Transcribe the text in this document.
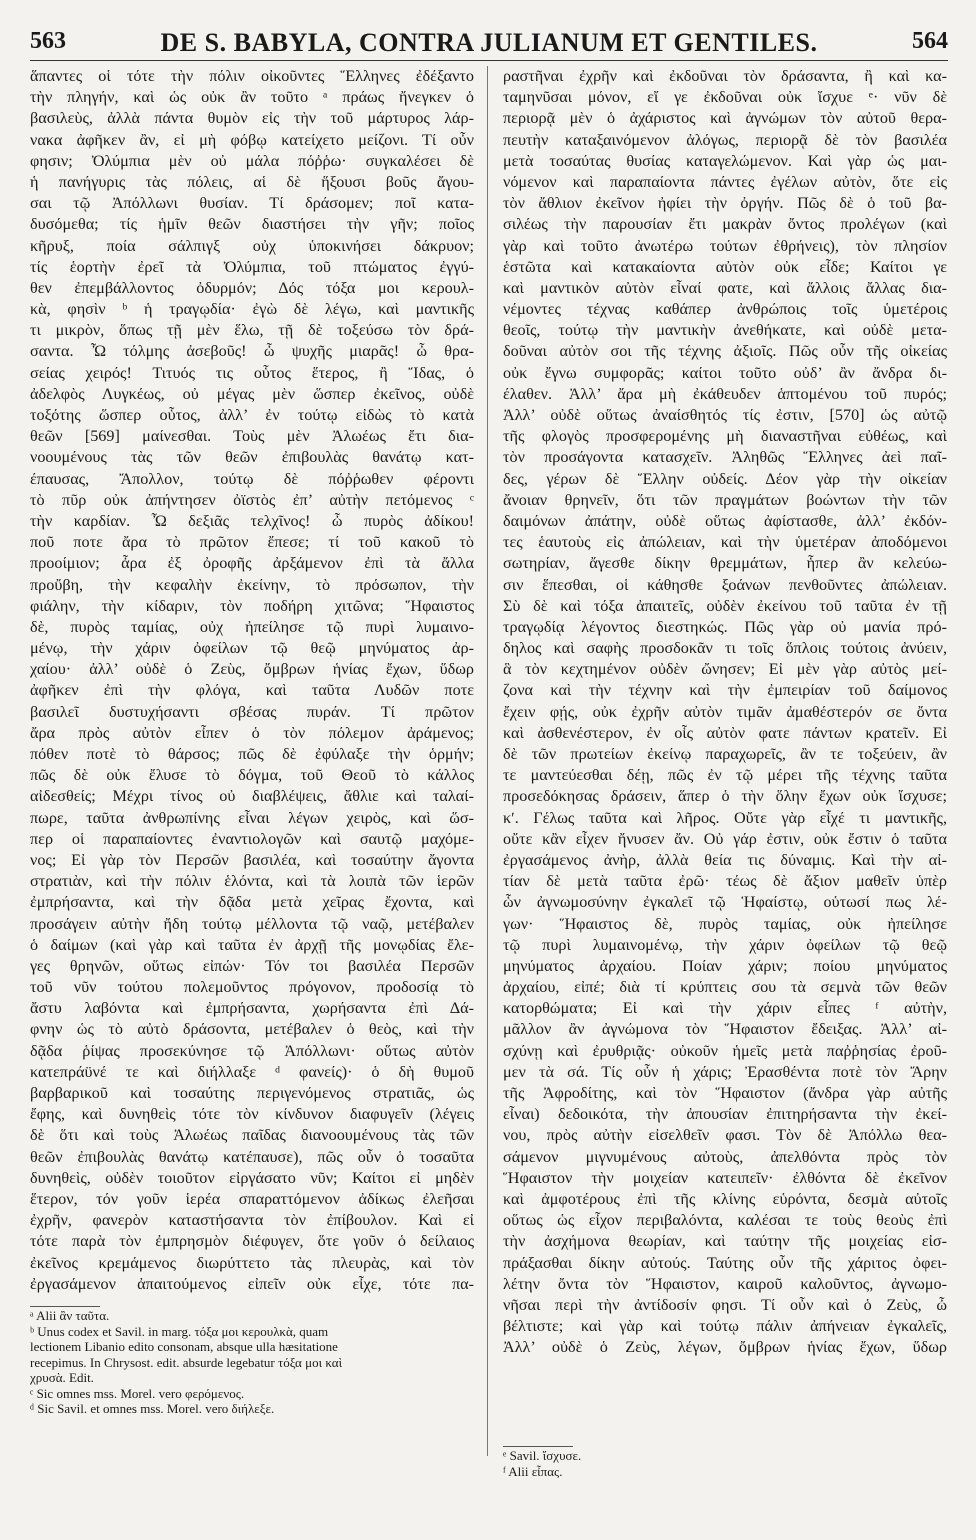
563	DE S. BABYLA, CONTRA JULIANUM ET GENTILES.	564
ἅπαντες οἱ τότε τὴν πόλιν οἰκοῦντες Ἕλληνες ἐδέξαντο
τὴν πληγήν, καὶ ὡς οὐκ ἂν τοῦτο ᵃ πράως ἤνεγκεν ὁ
βασιλεὺς, ἀλλὰ πάντα θυμὸν εἰς τὴν τοῦ μάρτυρος λάρ-
νακα ἀφῆκεν ἂν, εἰ μὴ φόβῳ κατείχετο μείζονι. Τί οὖν
φησιν; Ὀλύμπια μὲν οὐ μάλα πόῤῥω· συγκαλέσει δὲ
ἡ πανήγυρις τὰς πόλεις, αἱ δὲ ἥξουσι βοῦς ἄγου-
σαι τῷ Ἀπόλλωνι θυσίαν. Τί δράσομεν; ποῖ κατα-
δυσόμεθα; τίς ἡμῖν θεῶν διαστήσει τὴν γῆν; ποῖος
κῆρυξ, ποία σάλπιγξ οὐχ ὑποκινήσει δάκρυον;
τίς ἑορτὴν ἐρεῖ τὰ Ὀλύμπια, τοῦ πτώματος ἐγγύ-
θεν ἐπεμβάλλοντος ὀδυρμόν; Δός τόξα μοι κερουλ-
κὰ, φησὶν ᵇ ἡ τραγῳδία· ἐγὼ δὲ λέγω, καὶ μαντικῆς
τι μικρὸν, ὅπως τῇ μὲν ἕλω, τῇ δὲ τοξεύσω τὸν δρά-
σαντα. Ὦ τόλμης ἀσεβοῦς! ὦ ψυχῆς μιαρᾶς! ὦ θρα-
σείας χειρός! Τιτυός τις οὗτος ἕτερος, ἢ Ἴδας, ὁ
ἀδελφὸς Λυγκέως, οὐ μέγας μὲν ὥσπερ ἐκεῖνος, οὐδὲ
τοξότης ὥσπερ οὗτος, ἀλλ’ ἐν τούτῳ εἰδὼς τὸ κατὰ
θεῶν [569] μαίνεσθαι. Τοὺς μὲν Ἀλωέως ἔτι δια-
νοουμένους τὰς τῶν θεῶν ἐπιβουλὰς θανάτῳ κατ-
έπαυσας, Ἄπολλον, τούτῳ δὲ πόῤῥωθεν φέροντι
τὸ πῦρ οὐκ ἀπήντησεν ὀϊστὸς ἐπ’ αὐτὴν πετόμενος ᶜ
τὴν καρδίαν. Ὦ δεξιᾶς τελχῖνος! ὦ πυρὸς ἀδίκου!
ποῦ ποτε ἄρα τὸ πρῶτον ἔπεσε; τί τοῦ κακοῦ τὸ
προοίμιον; ἆρα ἐξ ὀροφῆς ἀρξάμενον ἐπὶ τὰ ἄλλα
προὔβη, τὴν κεφαλὴν ἐκείνην, τὸ πρόσωπον, τὴν
φιάλην, τὴν κίδαριν, τὸν ποδήρη χιτῶνα; Ἥφαιστος
δὲ, πυρὸς ταμίας, οὐχ ἠπείλησε τῷ πυρὶ λυμαινο-
μένῳ, τὴν χάριν ὀφείλων τῷ θεῷ μηνύματος ἀρ-
χαίου· ἀλλ’ οὐδὲ ὁ Ζεὺς, ὄμβρων ἡνίας ἔχων, ὕδωρ
ἀφῆκεν ἐπὶ τὴν φλόγα, καὶ ταῦτα Λυδῶν ποτε
βασιλεῖ δυστυχήσαντι σβέσας πυράν. Τί πρῶτον
ἄρα πρὸς αὐτὸν εἶπεν ὁ τὸν πόλεμον ἀράμενος;
πόθεν ποτὲ τὸ θάρσος; πῶς δὲ ἐφύλαξε τὴν ὁρμήν;
πῶς δὲ οὐκ ἔλυσε τὸ δόγμα, τοῦ Θεοῦ τὸ κάλλος
αἰδεσθείς; Μέχρι τίνος οὐ διαβλέψεις, ἄθλιε καὶ ταλαί-
πωρε, ταῦτα ἀνθρωπίνης εἶναι λέγων χειρὸς, καὶ ὥσ-
περ οἱ παραπαίοντες ἐναντιολογῶν καὶ σαυτῷ μαχόμε-
νος; Εἰ γὰρ τὸν Περσῶν βασιλέα, καὶ τοσαύτην ἄγοντα
στρατιὰν, καὶ τὴν πόλιν ἑλόντα, καὶ τὰ λοιπὰ τῶν ἱερῶν
ἐμπρήσαντα, καὶ τὴν δᾷδα μετὰ χεῖρας ἔχοντα, καὶ
προσάγειν αὐτὴν ἤδη τούτῳ μέλλοντα τῷ ναῷ, μετέβαλεν
ὁ δαίμων (καὶ γὰρ καὶ ταῦτα ἐν ἀρχῇ τῆς μονῳδίας ἔλε-
γες θρηνῶν, οὕτως εἰπών· Τόν τοι βασιλέα Περσῶν
τοῦ νῦν τούτου πολεμοῦντος πρόγονον, προδοσίᾳ τὸ
ἄστυ λαβόντα καὶ ἐμπρήσαντα, χωρήσαντα ἐπὶ Δά-
φνην ὡς τὸ αὐτὸ δράσοντα, μετέβαλεν ὁ θεὸς, καὶ τὴν
δᾷδα ῥίψας προσεκύνησε τῷ Ἀπόλλωνι· οὕτως αὐτὸν
κατεπράϋνέ τε καὶ διήλλαξε ᵈ φανείς)· ὁ δὴ θυμοῦ
βαρβαρικοῦ καὶ τοσαύτης περιγενόμενος στρατιᾶς, ὡς
ἔφης, καὶ δυνηθεὶς τότε τὸν κίνδυνον διαφυγεῖν (λέγεις
δὲ ὅτι καὶ τοὺς Ἀλωέως παῖδας διανοουμένους τὰς τῶν
θεῶν ἐπιβουλὰς θανάτῳ κατέπαυσε), πῶς οὖν ὁ τοσαῦτα
δυνηθεὶς, οὐδὲν τοιοῦτον εἰργάσατο νῦν; Καίτοι εἰ μηδὲν
ἕτερον, τόν γοῦν ἱερέα σπαραττόμενον ἀδίκως ἐλεῆσαι
ἐχρῆν, φανερὸν καταστήσαντα τὸν ἐπίβουλον. Καὶ εἰ
τότε παρὰ τὸν ἐμπρησμὸν διέφυγεν, ὅτε γοῦν ὁ δείλαιος
ἐκεῖνος κρεμάμενος διωρύττετο τὰς πλευρὰς, καὶ τὸν
ἐργασάμενον ἀπαιτούμενος εἰπεῖν οὐκ εἶχε, τότε πα-
ραστῆναι ἐχρῆν καὶ ἐκδοῦναι τὸν δράσαντα, ἢ καὶ κα-
ταμηνῦσαι μόνον, εἴ γε ἐκδοῦναι οὐκ ἴσχυε ᵉ· νῦν δὲ
περιορᾷ μὲν ὁ ἀχάριστος καὶ ἀγνώμων τὸν αὐτοῦ θερα-
πευτὴν καταξαινόμενον ἀλόγως, περιορᾷ δὲ τὸν βασιλέα
μετὰ τοσαύτας θυσίας καταγελώμενον. Καὶ γὰρ ὡς μαι-
νόμενον καὶ παραπαίοντα πάντες ἐγέλων αὐτὸν, ὅτε εἰς
τὸν ἄθλιον ἐκεῖνον ἠφίει τὴν ὀργήν. Πῶς δὲ ὁ τοῦ βα-
σιλέως τὴν παρουσίαν ἔτι μακρὰν ὄντος προλέγων (καὶ
γὰρ καὶ τοῦτο ἀνωτέρω τούτων ἐθρήνεις), τὸν πλησίον
ἑστῶτα καὶ κατακαίοντα αὐτὸν οὐκ εἶδε; Καίτοι γε
καὶ μαντικὸν αὐτὸν εἶναί φατε, καὶ ἄλλοις ἄλλας δια-
νέμοντες τέχνας καθάπερ ἀνθρώποις τοῖς ὑμετέροις
θεοῖς, τούτῳ τὴν μαντικὴν ἀνεθήκατε, καὶ οὐδὲ μετα-
δοῦναι αὐτὸν σοι τῆς τέχνης ἀξιοῖς. Πῶς οὖν τῆς οἰκείας
οὐκ ἔγνω συμφορᾶς; καίτοι τοῦτο οὐδ’ ἂν ἄνδρα δι-
έλαθεν. Ἀλλ’ ἄρα μὴ ἐκάθευδεν ἁπτομένου τοῦ πυρός;
Ἀλλ’ οὐδὲ οὕτως ἀναίσθητός τίς ἐστιν, [570] ὡς αὐτῷ
τῆς φλογὸς προσφερομένης μὴ διαναστῆναι εὐθέως, καὶ
τὸν προσάγοντα κατασχεῖν. Ἀληθῶς Ἕλληνες ἀεὶ παῖ-
δες, γέρων δὲ Ἕλλην οὐδείς. Δέον γὰρ τὴν οἰκείαν
ἄνοιαν θρηνεῖν, ὅτι τῶν πραγμάτων βοώντων τὴν τῶν
δαιμόνων ἀπάτην, οὐδὲ οὕτως ἀφίστασθε, ἀλλ’ ἐκδόν-
τες ἑαυτοὺς εἰς ἀπώλειαν, καὶ τὴν ὑμετέραν ἀποδόμενοι
σωτηρίαν, ἄγεσθε δίκην θρεμμάτων, ἧπερ ἂν κελεύω-
σιν ἕπεσθαι, οἱ κάθησθε ξοάνων πενθοῦντες ἀπώλειαν.
Σὺ δὲ καὶ τόξα ἀπαιτεῖς, οὐδὲν ἐκείνου τοῦ ταῦτα ἐν τῇ
τραγῳδίᾳ λέγοντος διεστηκώς. Πῶς γὰρ οὐ μανία πρό-
δηλος καὶ σαφὴς προσδοκᾶν τι τοῖς ὅπλοις τούτοις ἀνύειν,
ἃ τὸν κεχτημένον οὐδὲν ὤνησεν; Εἰ μὲν γὰρ αὐτὸς μεί-
ζονα καὶ τὴν τέχνην καὶ τὴν ἐμπειρίαν τοῦ δαίμονος
ἔχειν φῄς, οὐκ ἐχρῆν αὐτὸν τιμᾶν ἀμαθέστερόν σε ὄντα
καὶ ἀσθενέστερον, ἐν οἷς αὐτὸν φατε πάντων κρατεῖν. Εἰ
δὲ τῶν πρωτείων ἐκείνῳ παραχωρεῖς, ἂν τε τοξεύειν, ἂν
τε μαντεύεσθαι δέῃ, πῶς ἐν τῷ μέρει τῆς τέχνης ταῦτα
προσεδόκησας δράσειν, ἅπερ ὁ τὴν ὅλην ἔχων οὐκ ἴσχυσε;
κʹ. Γέλως ταῦτα καὶ λῆρος. Οὔτε γὰρ εἶχέ τι μαντικῆς,
οὔτε κἂν εἶχεν ἤνυσεν ἄν. Οὐ γάρ ἐστιν, οὐκ ἔστιν ὁ ταῦτα
ἐργασάμενος ἀνὴρ, ἀλλὰ θεία τις δύναμις. Καὶ τὴν αἰ-
τίαν δὲ μετὰ ταῦτα ἐρῶ· τέως δὲ ἄξιον μαθεῖν ὑπὲρ
ὧν ἀγνωμοσύνην ἐγκαλεῖ τῷ Ἡφαίστῳ, οὑτωσί πως λέ-
γων· Ἥφαιστος δὲ, πυρὸς ταμίας, οὐκ ἠπείλησε
τῷ πυρὶ λυμαινομένῳ, τὴν χάριν ὀφείλων τῷ θεῷ
μηνύματος ἀρχαίου. Ποίαν χάριν; ποίου μηνύματος
ἀρχαίου, εἰπέ; διὰ τί κρύπτεις σου τὰ σεμνὰ τῶν θεῶν
κατορθώματα; Εἰ καὶ τὴν χάριν εἶπες ᶠ αὐτὴν,
μᾶλλον ἂν ἀγνώμονα τὸν Ἥφαιστον ἔδειξας. Ἀλλ’ αἰ-
σχύνῃ καὶ ἐρυθριᾷς· οὐκοῦν ἡμεῖς μετὰ παῤῥησίας ἐροῦ-
μεν τὰ σά. Τίς οὖν ἡ χάρις; Ἐρασθέντα ποτὲ τὸν Ἄρην
τῆς Ἀφροδίτης, καὶ τὸν Ἥφαιστον (ἄνδρα γὰρ αὐτῆς
εἶναι) δεδοικότα, τὴν ἀπουσίαν ἐπιτηρήσαντα τὴν ἐκεί-
νου, πρὸς αὐτὴν εἰσελθεῖν φασι. Τὸν δὲ Ἀπόλλω θεα-
σάμενον μιγνυμένους αὐτοὺς, ἀπελθόντα πρὸς τὸν
Ἥφαιστον τὴν μοιχείαν κατειπεῖν· ἐλθόντα δὲ ἐκεῖνον
καὶ ἀμφοτέρους ἐπὶ τῆς κλίνης εὑρόντα, δεσμὰ αὐτοῖς
οὕτως ὡς εἶχον περιβαλόντα, καλέσαι τε τοὺς θεοὺς ἐπὶ
τὴν ἀσχήμονα θεωρίαν, καὶ ταύτην τῆς μοιχείας εἰσ-
πράξασθαι δίκην αὐτούς. Ταύτης οὖν τῆς χάριτος ὀφει-
λέτην ὄντα τὸν Ἥφαιστον, καιροῦ καλοῦντος, ἀγνωμο-
νῆσαι περὶ τὴν ἀντίδοσίν φησι. Τί οὖν καὶ ὁ Ζεὺς, ὦ
βέλτιστε; καὶ γὰρ καὶ τούτῳ πάλιν ἀπήνειαν ἐγκαλεῖς,
Ἀλλ’ οὐδὲ ὁ Ζεὺς, λέγων, ὄμβρων ἡνίας ἔχων, ὕδωρ
ᵃ Alii ἂν ταῦτα.
ᵇ Unus codex et Savil. in marg. τόξα μοι κερουλκὰ, quam
lectionem Libanio edito consonam, absque ulla hæsitatione
recepimus. In Chrysost. edit. absurde legebatur τόξα μοι καὶ
χρυσὰ. Edit.
ᶜ Sic omnes mss. Morel. vero φερόμενος.
ᵈ Sic Savil. et omnes mss. Morel. vero διήλεξε.
ᵉ Savil. ἴσχυσε.
ᶠ Alii εἶπας.
